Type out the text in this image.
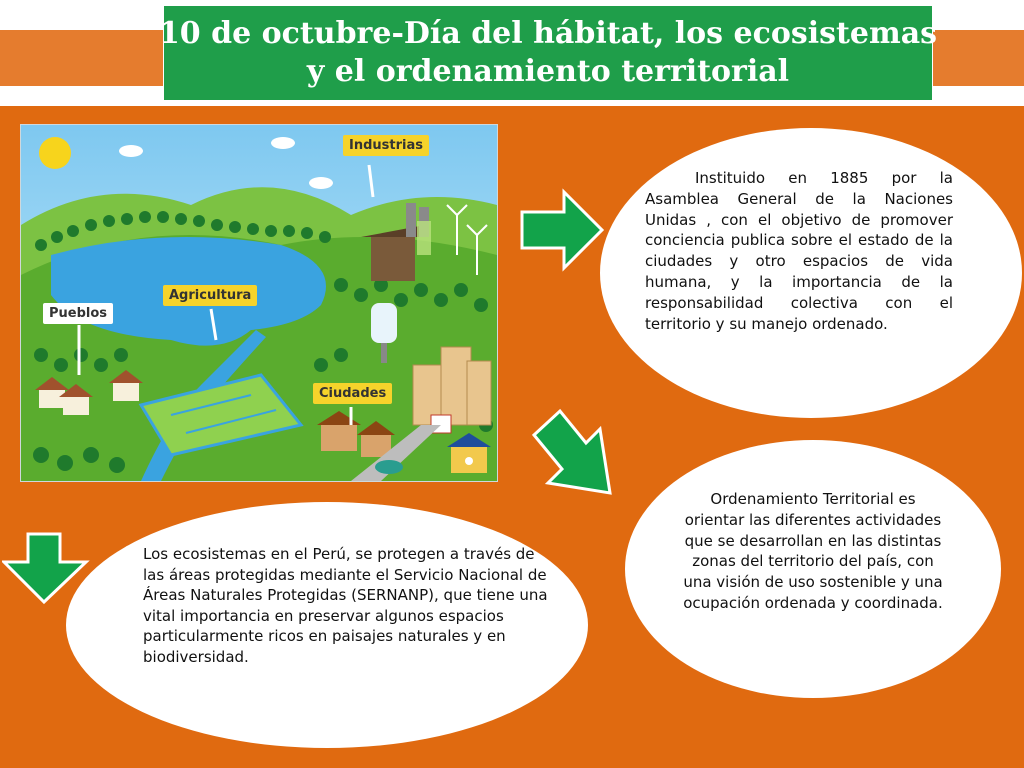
10 de octubre-Día del hábitat, los ecosistemas
y el ordenamiento territorial
Industrias
Agricultura
Pueblos
Ciudades
Instituido en 1885 por la Asamblea General de la Naciones Unidas , con el objetivo de promover conciencia publica sobre el estado de la ciudades y otro espacios de vida humana, y la importancia de la responsabilidad colectiva con el territorio y su manejo ordenado.
Ordenamiento Territorial es orientar las diferentes actividades que se desarrollan en las distintas zonas del territorio del país, con una visión de uso sostenible y una ocupación ordenada y coordinada.
Los ecosistemas en el Perú, se protegen a través de las áreas protegidas mediante el Servicio Nacional de Áreas Naturales Protegidas (SERNANP), que tiene una vital importancia en preservar algunos espacios particularmente ricos en paisajes naturales y en biodiversidad.
